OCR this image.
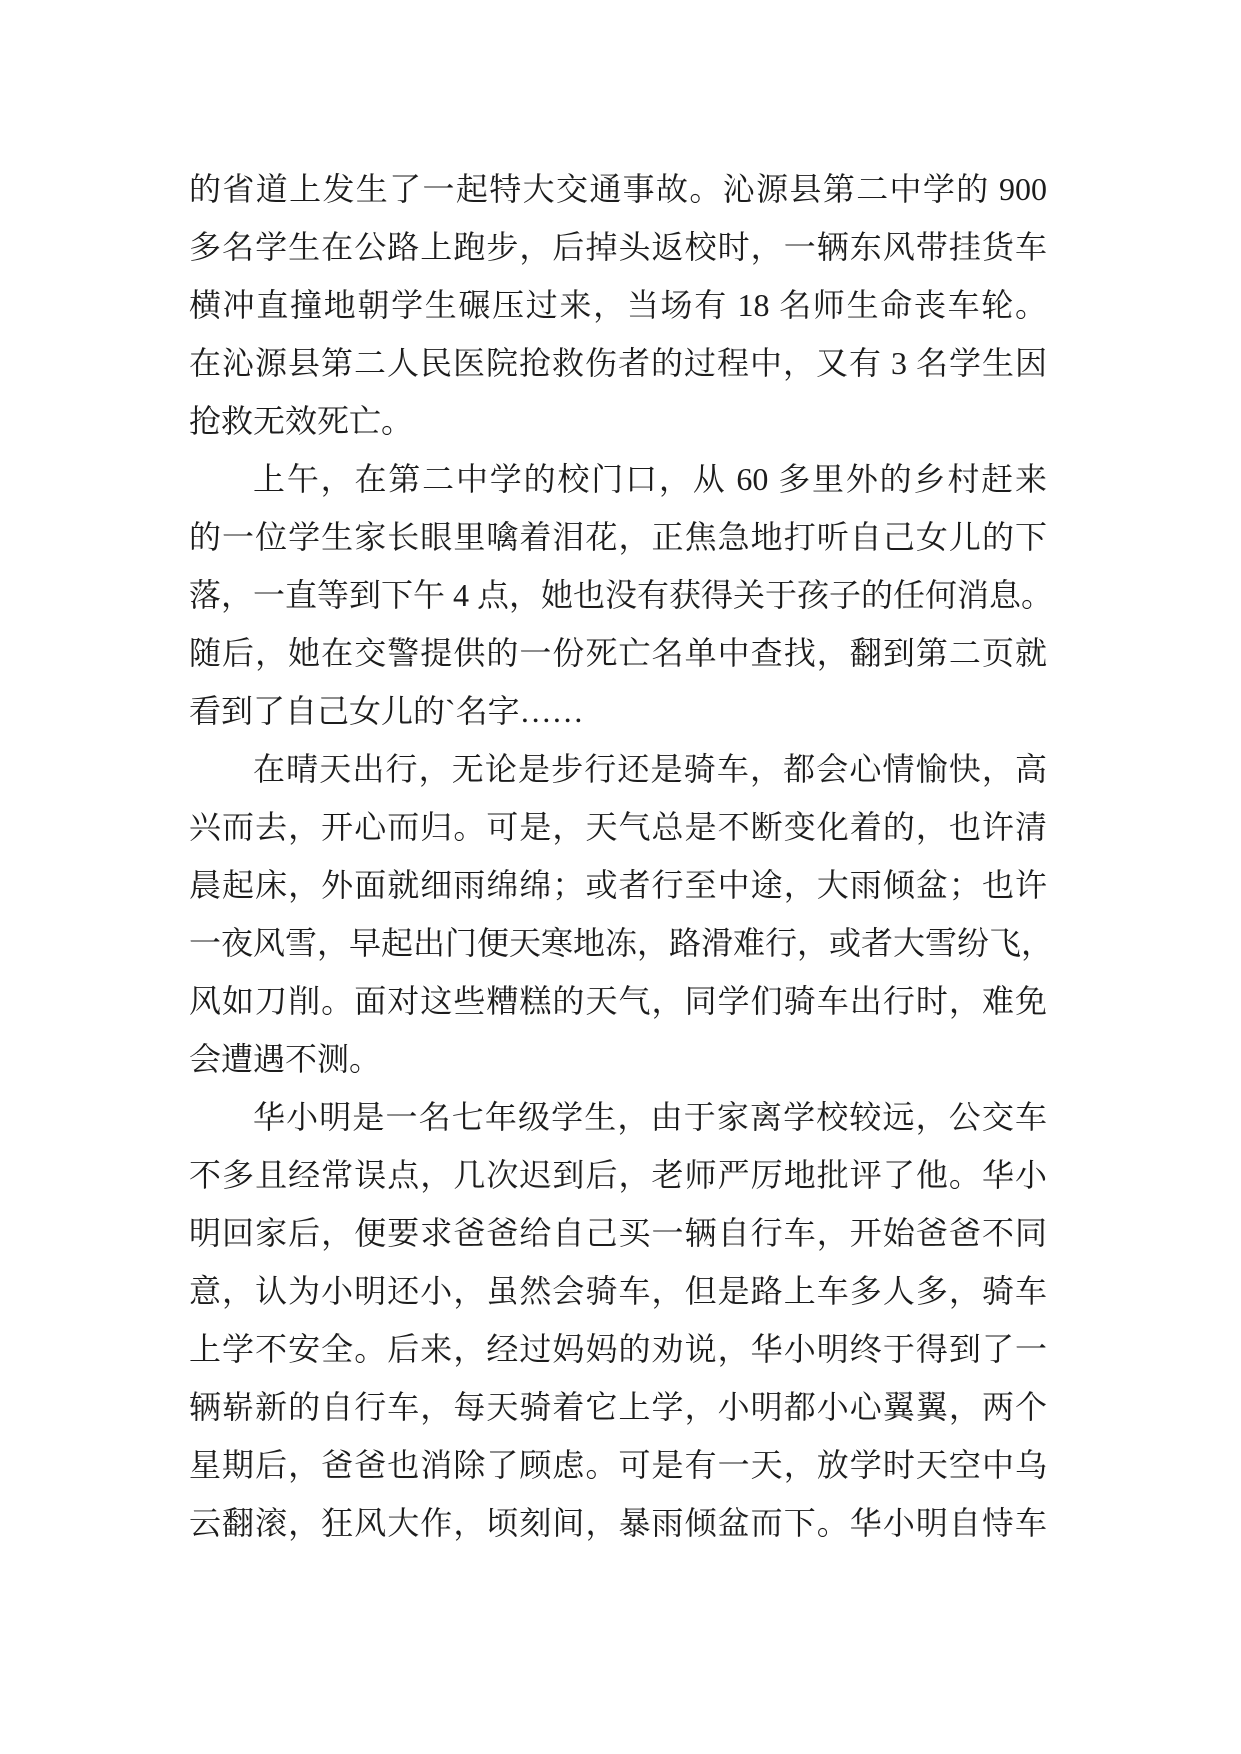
的省道上发生了一起特大交通事故。沁源县第二中学的 900
多名学生在公路上跑步，后掉头返校时，一辆东风带挂货车
横冲直撞地朝学生碾压过来，当场有 18 名师生命丧车轮。
在沁源县第二人民医院抢救伤者的过程中，又有 3 名学生因
抢救无效死亡。
上午，在第二中学的校门口，从 60 多里外的乡村赶来
的一位学生家长眼里噙着泪花，正焦急地打听自己女儿的下
落，一直等到下午 4 点，她也没有获得关于孩子的任何消息。
随后，她在交警提供的一份死亡名单中查找，翻到第二页就
看到了自己女儿的`名字……
在晴天出行，无论是步行还是骑车，都会心情愉快，高
兴而去，开心而归。可是，天气总是不断变化着的，也许清
晨起床，外面就细雨绵绵；或者行至中途，大雨倾盆；也许
一夜风雪，早起出门便天寒地冻，路滑难行，或者大雪纷飞，
风如刀削。面对这些糟糕的天气，同学们骑车出行时，难免
会遭遇不测。
华小明是一名七年级学生，由于家离学校较远，公交车
不多且经常误点，几次迟到后，老师严厉地批评了他。华小
明回家后，便要求爸爸给自己买一辆自行车，开始爸爸不同
意，认为小明还小，虽然会骑车，但是路上车多人多，骑车
上学不安全。后来，经过妈妈的劝说，华小明终于得到了一
辆崭新的自行车，每天骑着它上学，小明都小心翼翼，两个
星期后，爸爸也消除了顾虑。可是有一天，放学时天空中乌
云翻滚，狂风大作，顷刻间，暴雨倾盆而下。华小明自恃车
